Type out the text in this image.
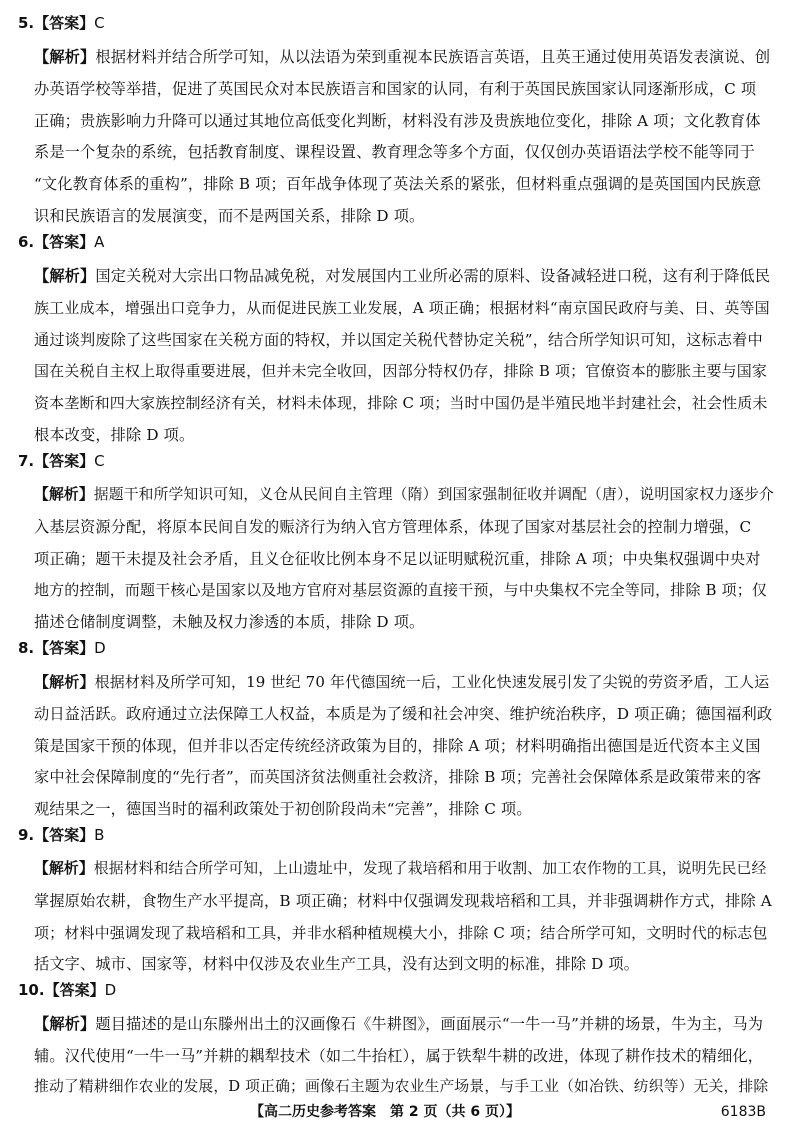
5.【答案】C
【解析】根据材料并结合所学可知，从以法语为荣到重视本民族语言英语，且英王通过使用英语发表演说、创
办英语学校等举措，促进了英国民众对本民族语言和国家的认同，有利于英国民族国家认同逐渐形成，C 项
正确；贵族影响力升降可以通过其地位高低变化判断，材料没有涉及贵族地位变化，排除 A 项；文化教育体
系是一个复杂的系统，包括教育制度、课程设置、教育理念等多个方面，仅仅创办英语语法学校不能等同于
“文化教育体系的重构”，排除 B 项；百年战争体现了英法关系的紧张，但材料重点强调的是英国国内民族意
识和民族语言的发展演变，而不是两国关系，排除 D 项。
6.【答案】A
【解析】国定关税对大宗出口物品减免税，对发展国内工业所必需的原料、设备减轻进口税，这有利于降低民
族工业成本，增强出口竞争力，从而促进民族工业发展，A 项正确；根据材料“南京国民政府与美、日、英等国
通过谈判废除了这些国家在关税方面的特权，并以国定关税代替协定关税”，结合所学知识可知，这标志着中
国在关税自主权上取得重要进展，但并未完全收回，因部分特权仍存，排除 B 项；官僚资本的膨胀主要与国家
资本垄断和四大家族控制经济有关，材料未体现，排除 C 项；当时中国仍是半殖民地半封建社会，社会性质未
根本改变，排除 D 项。
7.【答案】C
【解析】据题干和所学知识可知，义仓从民间自主管理（隋）到国家强制征收并调配（唐），说明国家权力逐步介
入基层资源分配，将原本民间自发的赈济行为纳入官方管理体系，体现了国家对基层社会的控制力增强，C
项正确；题干未提及社会矛盾，且义仓征收比例本身不足以证明赋税沉重，排除 A 项；中央集权强调中央对
地方的控制，而题干核心是国家以及地方官府对基层资源的直接干预，与中央集权不完全等同，排除 B 项；仅
描述仓储制度调整，未触及权力渗透的本质，排除 D 项。
8.【答案】D
【解析】根据材料及所学可知，19 世纪 70 年代德国统一后，工业化快速发展引发了尖锐的劳资矛盾，工人运
动日益活跃。政府通过立法保障工人权益，本质是为了缓和社会冲突、维护统治秩序，D 项正确；德国福利政
策是国家干预的体现，但并非以否定传统经济政策为目的，排除 A 项；材料明确指出德国是近代资本主义国
家中社会保障制度的“先行者”，而英国济贫法侧重社会救济，排除 B 项；完善社会保障体系是政策带来的客
观结果之一，德国当时的福利政策处于初创阶段尚未“完善”，排除 C 项。
9.【答案】B
【解析】根据材料和结合所学可知，上山遗址中，发现了栽培稻和用于收割、加工农作物的工具，说明先民已经
掌握原始农耕，食物生产水平提高，B 项正确；材料中仅强调发现栽培稻和工具，并非强调耕作方式，排除 A
项；材料中强调发现了栽培稻和工具，并非水稻种植规模大小，排除 C 项；结合所学可知，文明时代的标志包
括文字、城市、国家等，材料中仅涉及农业生产工具，没有达到文明的标准，排除 D 项。
10.【答案】D
【解析】题目描述的是山东滕州出土的汉画像石《牛耕图》，画面展示“一牛一马”并耕的场景，牛为主，马为
辅。汉代使用“一牛一马”并耕的耦犁技术（如二牛抬杠），属于铁犁牛耕的改进，体现了耕作技术的精细化，
推动了精耕细作农业的发展，D 项正确；画像石主题为农业生产场景，与手工业（如冶铁、纺织等）无关，排除
【高二历史参考答案　第 2 页（共 6 页）】	6183B
